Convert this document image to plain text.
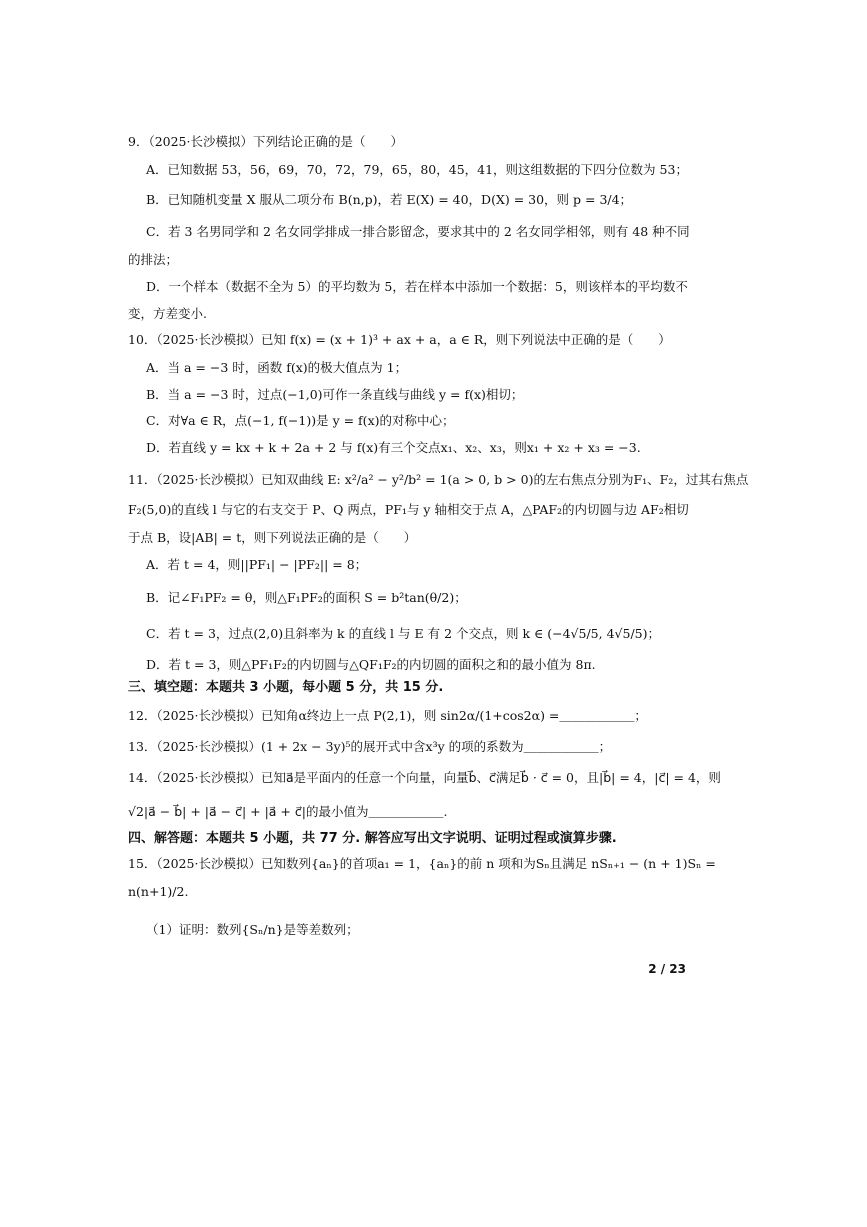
9．（2025·长沙模拟）下列结论正确的是（　　）
A．已知数据 53，56，69，70，72，79，65，80，45，41，则这组数据的下四分位数为 53；
B．已知随机变量 X 服从二项分布 B(n,p)，若 E(X) = 40，D(X) = 30，则 p = 3/4；
C．若 3 名男同学和 2 名女同学排成一排合影留念，要求其中的 2 名女同学相邻，则有 48 种不同
的排法；
D．一个样本（数据不全为 5）的平均数为 5，若在样本中添加一个数据：5，则该样本的平均数不
变，方差变小.
10．（2025·长沙模拟）已知 f(x) = (x + 1)³ + ax + a，a ∈ R，则下列说法中正确的是（　　）
A．当 a = −3 时，函数 f(x)的极大值点为 1；
B．当 a = −3 时，过点(−1,0)可作一条直线与曲线 y = f(x)相切；
C．对∀a ∈ R，点(−1, f(−1))是 y = f(x)的对称中心；
D．若直线 y = kx + k + 2a + 2 与 f(x)有三个交点x₁、x₂、x₃，则x₁ + x₂ + x₃ = −3.
11．（2025·长沙模拟）已知双曲线 E: x²/a² − y²/b² = 1(a > 0, b > 0)的左右焦点分别为F₁、F₂，过其右焦点
F₂(5,0)的直线 l 与它的右支交于 P、Q 两点，PF₁与 y 轴相交于点 A，△PAF₂的内切圆与边 AF₂相切
于点 B，设|AB| = t，则下列说法正确的是（　　）
A．若 t = 4，则||PF₁| − |PF₂|| = 8；
B．记∠F₁PF₂ = θ，则△F₁PF₂的面积 S = b²tan(θ/2)；
C．若 t = 3，过点(2,0)且斜率为 k 的直线 l 与 E 有 2 个交点，则 k ∈ (−4√5/5, 4√5/5)；
D．若 t = 3，则△PF₁F₂的内切圆与△QF₁F₂的内切圆的面积之和的最小值为 8π.
三、填空题：本题共 3 小题，每小题 5 分，共 15 分.
12．（2025·长沙模拟）已知角α终边上一点 P(2,1)，则 sin2α/(1+cos2α) =＿＿＿＿＿＿；
13．（2025·长沙模拟）(1 + 2x − 3y)⁵的展开式中含x³y 的项的系数为＿＿＿＿＿＿；
14．（2025·长沙模拟）已知a⃗是平面内的任意一个向量，向量b⃗、c⃗满足b⃗ · c⃗ = 0，且|b⃗| = 4，|c⃗| = 4，则
√2|a⃗ − b⃗| + |a⃗ − c⃗| + |a⃗ + c⃗|的最小值为＿＿＿＿＿＿.
四、解答题：本题共 5 小题，共 77 分. 解答应写出文字说明、证明过程或演算步骤.
15．（2025·长沙模拟）已知数列{aₙ}的首项a₁ = 1，{aₙ}的前 n 项和为Sₙ且满足 nSₙ₊₁ − (n + 1)Sₙ =
n(n+1)/2.
（1）证明：数列{Sₙ/n}是等差数列；
2 / 23
